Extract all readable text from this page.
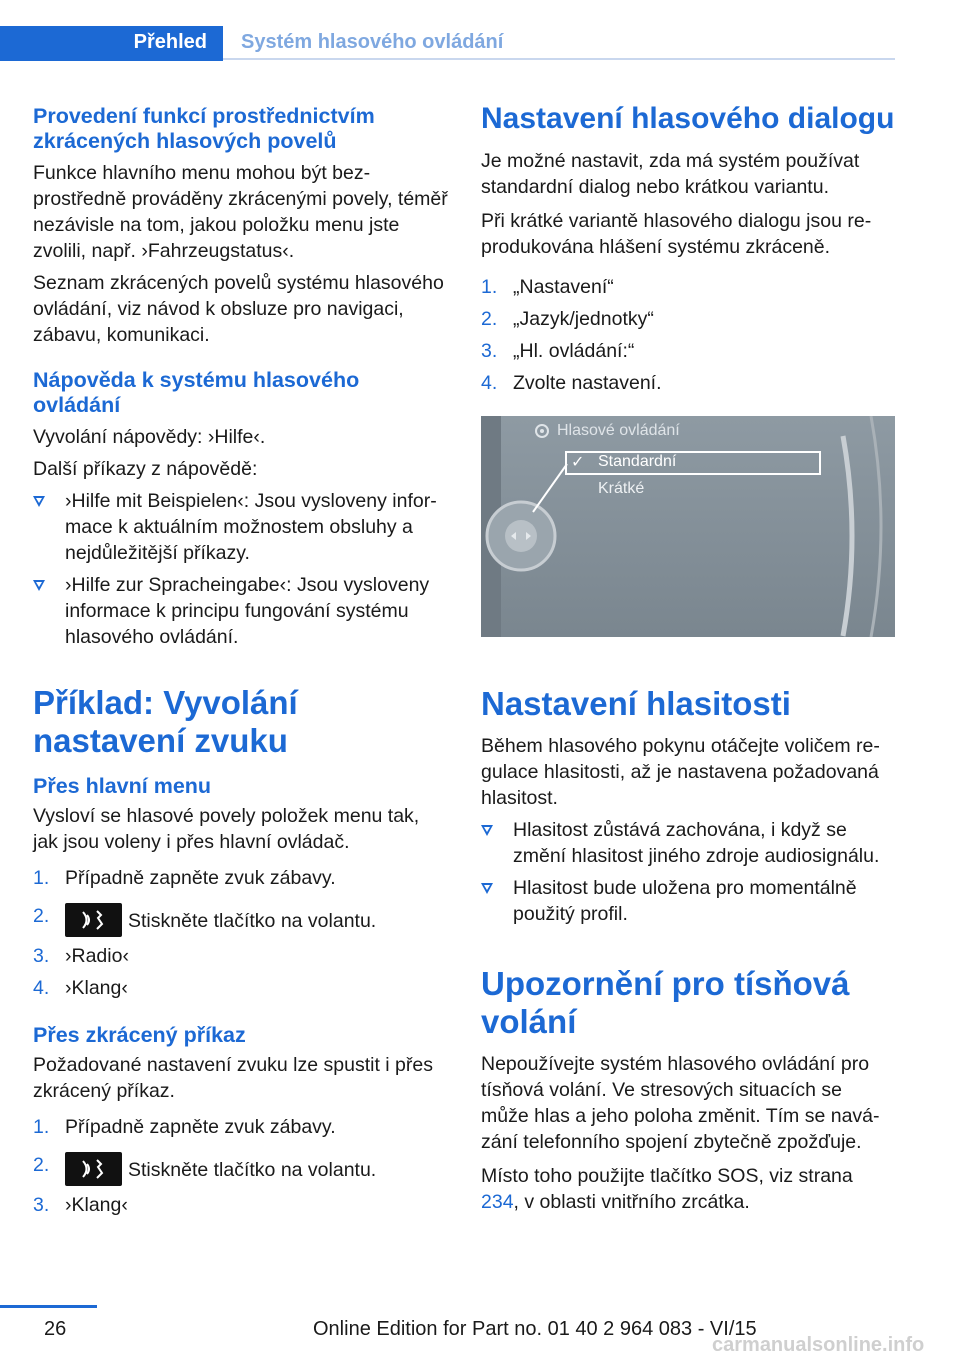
Přehled Systém hlasového ovládání
Provedení funkcí prostřednictvím zkrácených hlasových povelů

Funkce hlavního menu mohou být bezprostředně prováděny zkrácenými povely, téměř nezávisle na tom, jakou položku menu jste zvolili, např. ›Fahrzeugstatus‹.

Seznam zkrácených povelů systému hlasového ovládání, viz návod k obsluze pro navigaci, zábavu, komunikaci.

Nápověda k systému hlasového ovládání

Vyvolání nápovědy: ›Hilfe‹.

Další příkazy z nápovědě:

›Hilfe mit Beispielen‹: Jsou vysloveny informace k aktuálním možnostem obsluhy a nejdůležitější příkazy.
›Hilfe zur Spracheingabe‹: Jsou vysloveny informace k principu fungování systému hlasového ovládání.
Příklad: Vyvolání nastavení zvuku
Přes hlavní menu

Vysloví se hlasové povely položek menu tak, jak jsou voleny i přes hlavní ovládač.

1. Případně zapněte zvuk zábavy.
2.	Stiskněte tlačítko na volantu.
3. ›Radio‹
4. ›Klang‹
Přes zkrácený příkaz

Požadované nastavení zvuku lze spustit i přes zkrácený příkaz.

1. Případně zapněte zvuk zábavy.
2.	Stiskněte tlačítko na volantu.
3. ›Klang‹
Nastavení hlasového dialogu

Je možné nastavit, zda má systém používat standardní dialog nebo krátkou variantu.

Při krátké variantě hlasového dialogu jsou reprodukována hlášení systému zkráceně.

1. „Nastavení“
2. „Jazyk/jednotky“
3. „Hl. ovládání:“
4. Zvolte nastavení.
Hlasové ovládání
✓ Standardní
Krátké
Nastavení hlasitosti

Během hlasového pokynu otáčejte voličem regulace hlasitosti, až je nastavena požadovaná hlasitost.

Hlasitost zůstává zachována, i když se změní hlasitost jiného zdroje audiosignálu.
Hlasitost bude uložena pro momentálně použitý profil.
Upozornění pro tísňová volání

Nepoužívejte systém hlasového ovládání pro tísňová volání. Ve stresových situacích se může hlas a jeho poloha změnit. Tím se navázání telefonního spojení zbytečně zpožďuje.

Místo toho použijte tlačítko SOS, viz strana 234, v oblasti vnitřního zrcátka.

26	Online Edition for Part no. 01 40 2 964 083 - VI/15
carmanualsonline.info
